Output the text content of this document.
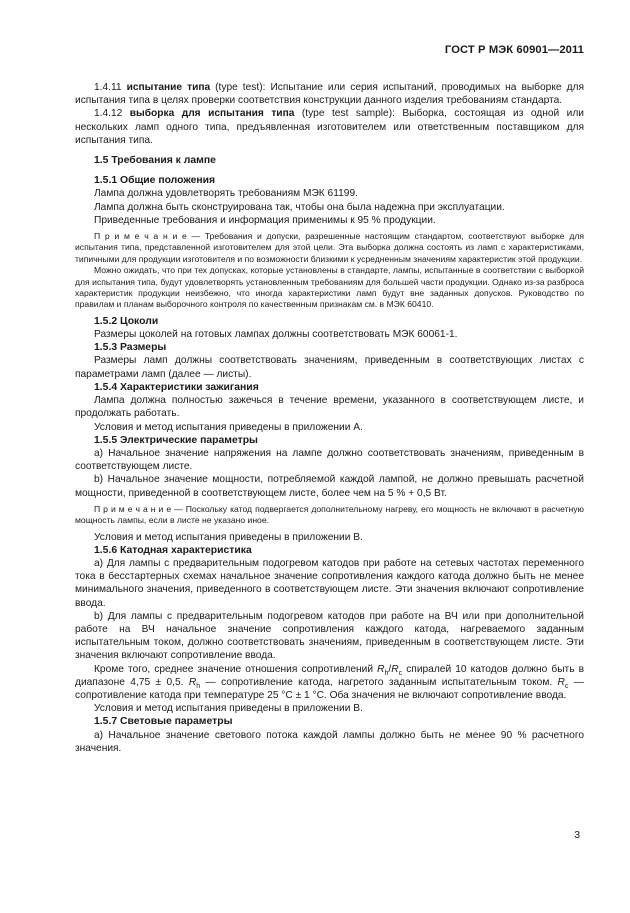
ГОСТ Р МЭК 60901—2011

1.4.11 испытание типа (type test): Испытание или серия испытаний, проводимых на выборке для испытания типа в целях проверки соответствия конструкции данного изделия требованиям стандарта.

1.4.12 выборка для испытания типа (type test sample): Выборка, состоящая из одной или нескольких ламп одного типа, предъявленная изготовителем или ответственным поставщиком для испытания типа.

1.5 Требования к лампе
1.5.1 Общие положения

Лампа должна удовлетворять требованиям МЭК 61199.

Лампа должна быть сконструирована так, чтобы она была надежна при эксплуатации.

Приведенные требования и информация применимы к 95 % продукции.

П р и м е ч а н и е — Требования и допуски, разрешенные настоящим стандартом, соответствуют выборке для испытания типа, представленной изготовителем для этой цели. Эта выборка должна состоять из ламп с характеристиками, типичными для продукции изготовителя и по возможности близкими к усредненным значениям характеристик этой продукции.

Можно ожидать, что при тех допусках, которые установлены в стандарте, лампы, испытанные в соответствии с выборкой для испытания типа, будут удовлетворять установленным требованиям для большей части продукции. Однако из-за разброса характеристик продукции неизбежно, что иногда характеристики ламп будут вне заданных допусков. Руководство по правилам и планам выборочного контроля по качественным признакам см. в МЭК 60410.

1.5.2 Цоколи

Размеры цоколей на готовых лампах должны соответствовать МЭК 60061-1.

1.5.3 Размеры

Размеры ламп должны соответствовать значениям, приведенным в соответствующих листах с параметрами ламп (далее — листы).

1.5.4 Характеристики зажигания

Лампа должна полностью зажечься в течение времени, указанного в соответствующем листе, и продолжать работать.

Условия и метод испытания приведены в приложении А.

1.5.5 Электрические параметры

а) Начальное значение напряжения на лампе должно соответствовать значениям, приведенным в соответствующем листе.

b) Начальное значение мощности, потребляемой каждой лампой, не должно превышать расчетной мощности, приведенной в соответствующем листе, более чем на 5 % + 0,5 Вт.

П р и м е ч а н и е — Поскольку катод подвергается дополнительному нагреву, его мощность не включают в расчетную мощность лампы, если в листе не указано иное.

Условия и метод испытания приведены в приложении В.

1.5.6 Катодная характеристика

а) Для лампы с предварительным подогревом катодов при работе на сетевых частотах переменного тока в бесстартерных схемах начальное значение сопротивления каждого катода должно быть не менее минимального значения, приведенного в соответствующем листе. Эти значения включают сопротивление ввода.

b) Для лампы с предварительным подогревом катодов при работе на ВЧ или при дополнительной работе на ВЧ начальное значение сопротивления каждого катода, нагреваемого заданным испытательным током, должно соответствовать значениям, приведенным в соответствующем листе. Эти значения включают сопротивление ввода.

Кроме того, среднее значение отношения сопротивлений $R_h/R_c$ спиралей 10 катодов должно быть в диапазоне 4,75 ± 0,5. $R_h$ — сопротивление катода, нагретого заданным испытательным током. $R_c$ — сопротивление катода при температуре 25 °С ± 1 °С. Оба значения не включают сопротивление ввода.

Условия и метод испытания приведены в приложении В.

1.5.7 Световые параметры

а) Начальное значение светового потока каждой лампы должно быть не менее 90 % расчетного значения.

3
